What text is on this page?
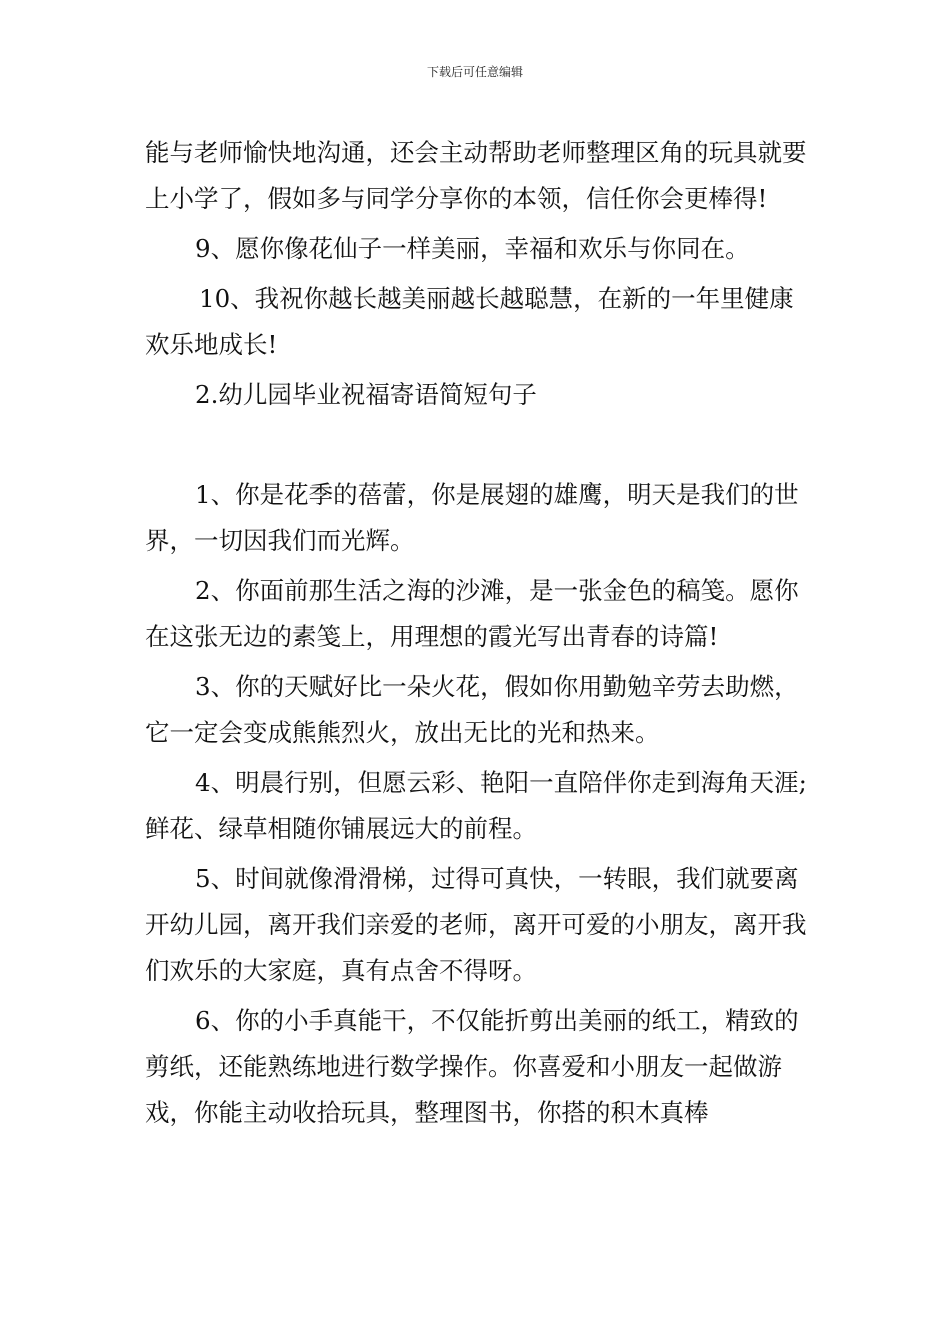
下载后可任意编辑

能与老师愉快地沟通，还会主动帮助老师整理区角的玩具就要上小学了，假如多与同学分享你的本领，信任你会更棒得!

9、愿你像花仙子一样美丽，幸福和欢乐与你同在。

10、我祝你越长越美丽越长越聪慧，在新的一年里健康欢乐地成长!

2.幼儿园毕业祝福寄语简短句子

1、你是花季的蓓蕾，你是展翅的雄鹰，明天是我们的世界，一切因我们而光辉。

2、你面前那生活之海的沙滩，是一张金色的稿笺。愿你在这张无边的素笺上，用理想的霞光写出青春的诗篇!

3、你的天赋好比一朵火花，假如你用勤勉辛劳去助燃，它一定会变成熊熊烈火，放出无比的光和热来。

4、明晨行别，但愿云彩、艳阳一直陪伴你走到海角天涯;鲜花、绿草相随你铺展远大的前程。

5、时间就像滑滑梯，过得可真快，一转眼，我们就要离开幼儿园，离开我们亲爱的老师，离开可爱的小朋友，离开我们欢乐的大家庭，真有点舍不得呀。

6、你的小手真能干，不仅能折剪出美丽的纸工，精致的剪纸，还能熟练地进行数学操作。你喜爱和小朋友一起做游戏，你能主动收拾玩具，整理图书，你搭的积木真棒
